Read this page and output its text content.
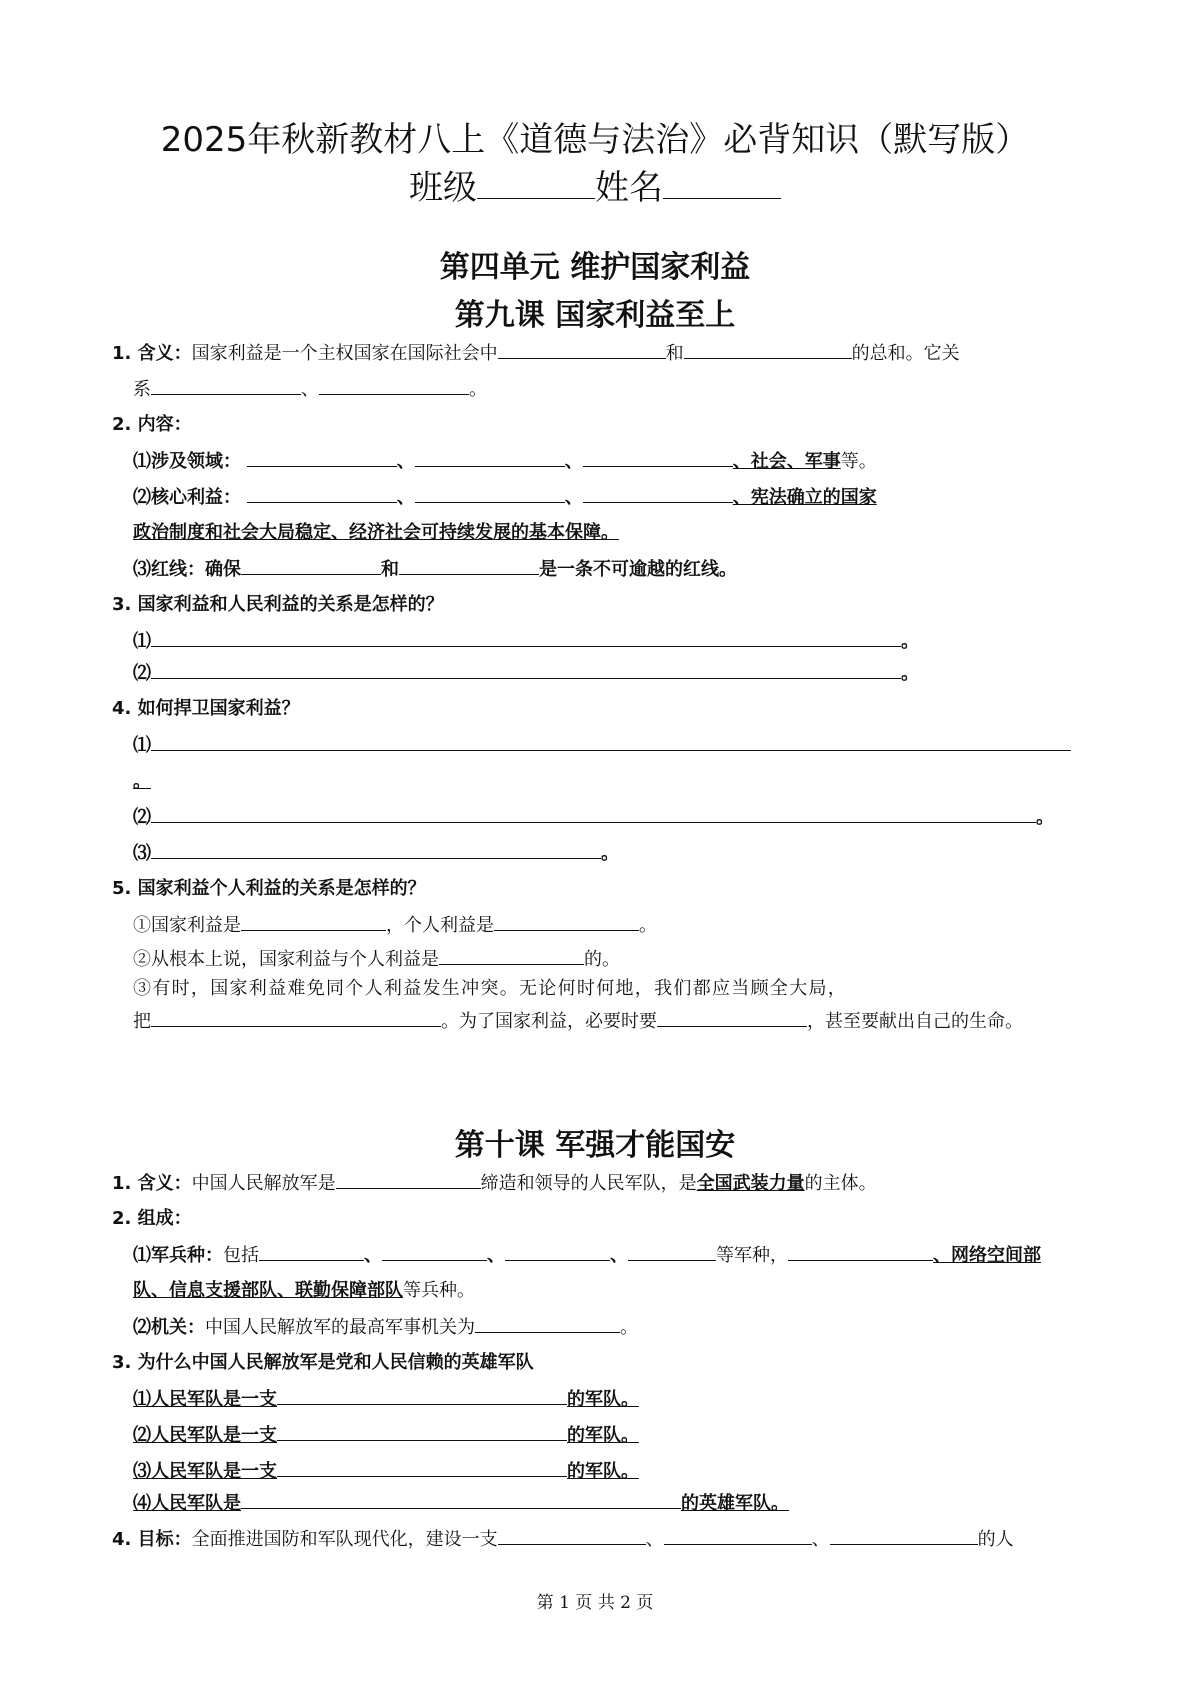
2025年秋新教材八上《道德与法治》必背知识（默写版）
班级	姓名
第四单元 维护国家利益
第九课 国家利益至上
1. 含义：国家利益是一个主权国家在国际社会中	和	的总和。它关
系	、	。
2. 内容：
⑴涉及领域：	、	、	、社会、军事等。
⑵核心利益：	、	、	、宪法确立的国家
政治制度和社会大局稳定、经济社会可持续发展的基本保障。
⑶红线：确保	和	是一条不可逾越的红线。
3. 国家利益和人民利益的关系是怎样的？
⑴	。
⑵	。
4. 如何捍卫国家利益？
⑴
。
⑵	。
⑶	。
5. 国家利益个人利益的关系是怎样的？
①国家利益是	，个人利益是	。
②从根本上说，国家利益与个人利益是	的。
③有时，国家利益难免同个人利益发生冲突。无论何时何地，我们都应当顾全大局，
把	。为了国家利益，必要时要	，甚至要献出自己的生命。
第十课 军强才能国安
1. 含义：中国人民解放军是	缔造和领导的人民军队，是全国武装力量的主体。
2. 组成：
⑴军兵种：包括	、	、	、	等军种，	、网络空间部
队、信息支援部队、联勤保障部队等兵种。
⑵机关：中国人民解放军的最高军事机关为	。
3. 为什么中国人民解放军是党和人民信赖的英雄军队
⑴人民军队是一支	的军队。
⑵人民军队是一支	的军队。
⑶人民军队是一支	的军队。
⑷人民军队是	的英雄军队。
4. 目标：全面推进国防和军队现代化，建设一支	、	、	的人
第 1 页 共 2 页
